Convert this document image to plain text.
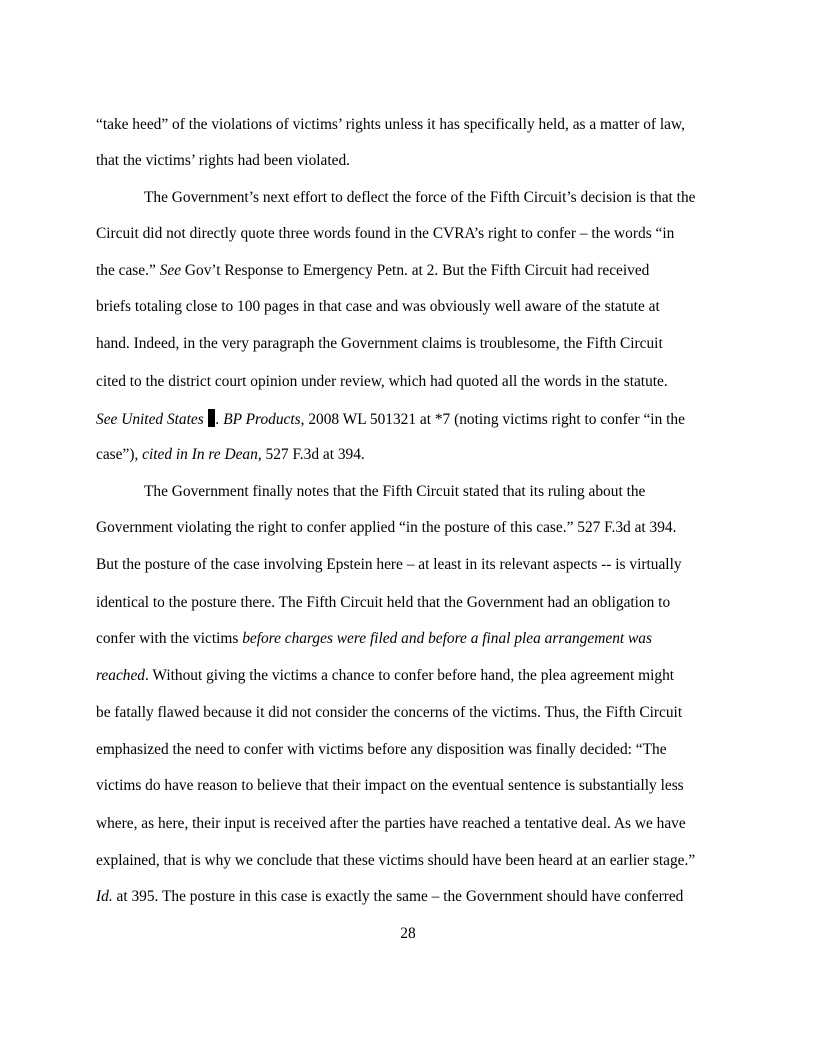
“take heed” of the violations of victims’ rights unless it has specifically held, as a matter of law,
that the victims’ rights had been violated.
The Government’s next effort to deflect the force of the Fifth Circuit’s decision is that the
Circuit did not directly quote three words found in the CVRA’s right to confer – the words “in
the case.” See Gov’t Response to Emergency Petn. at 2. But the Fifth Circuit had received
briefs totaling close to 100 pages in that case and was obviously well aware of the statute at
hand. Indeed, in the very paragraph the Government claims is troublesome, the Fifth Circuit
cited to the district court opinion under review, which had quoted all the words in the statute.
See United States . BP Products, 2008 WL 501321 at *7 (noting victims right to confer “in the
case”), cited in In re Dean, 527 F.3d at 394.
The Government finally notes that the Fifth Circuit stated that its ruling about the
Government violating the right to confer applied “in the posture of this case.” 527 F.3d at 394.
But the posture of the case involving Epstein here – at least in its relevant aspects -- is virtually
identical to the posture there. The Fifth Circuit held that the Government had an obligation to
confer with the victims before charges were filed and before a final plea arrangement was
reached. Without giving the victims a chance to confer before hand, the plea agreement might
be fatally flawed because it did not consider the concerns of the victims. Thus, the Fifth Circuit
emphasized the need to confer with victims before any disposition was finally decided: “The
victims do have reason to believe that their impact on the eventual sentence is substantially less
where, as here, their input is received after the parties have reached a tentative deal. As we have
explained, that is why we conclude that these victims should have been heard at an earlier stage.”
Id. at 395. The posture in this case is exactly the same – the Government should have conferred
28
